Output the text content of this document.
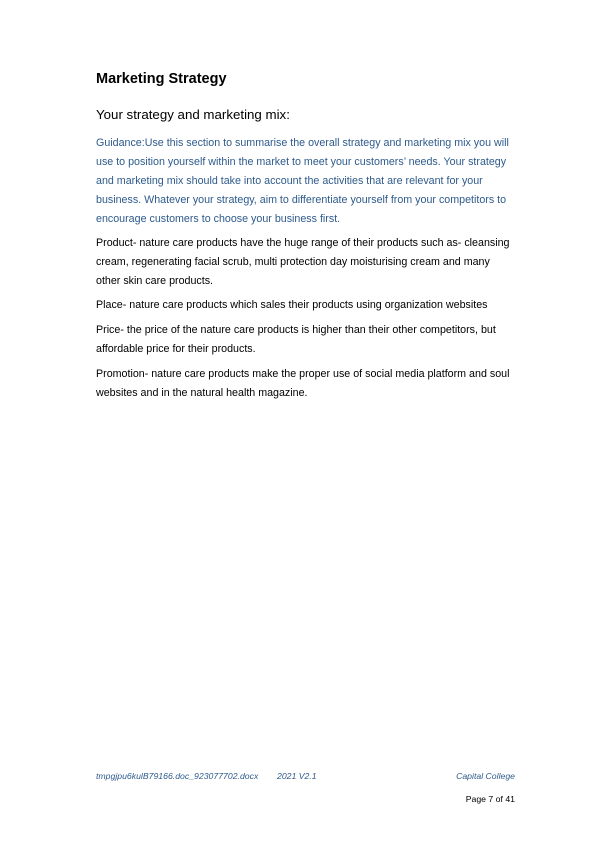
Marketing Strategy
Your strategy and marketing mix:

Guidance:Use this section to summarise the overall strategy and marketing mix you will use to position yourself within the market to meet your customers’ needs. Your strategy and marketing mix should take into account the activities that are relevant for your business. Whatever your strategy, aim to differentiate yourself from your competitors to encourage customers to choose your business first.

Product- nature care products have the huge range of their products such as- cleansing cream, regenerating facial scrub, multi protection day moisturising cream and many other skin care products.

Place- nature care products which sales their products using organization websites

Price- the price of the nature care products is higher than their other competitors, but affordable price for their products.

Promotion- nature care products make the proper use of social media platform and soul websites and in the natural health magazine.

tmpgjpu6kulB79166.doc_923077702.docx 2021 V2.1	Capital College
Page 7 of 41
